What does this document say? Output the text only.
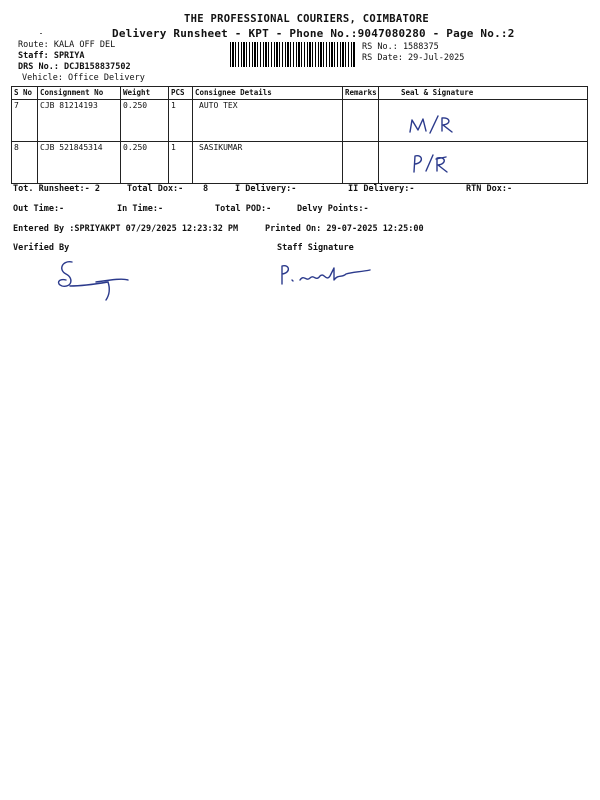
THE PROFESSIONAL COURIERS, COIMBATORE
Delivery Runsheet - KPT - Phone No.:9047080280 - Page No.:2
Route: KALA OFF DEL
Staff: SPRIYA
DRS No.: DCJB158837502
Vehicle: Office Delivery
RS No.: 1588375
RS Date: 29-Jul-2025
S No	Consignment No	Weight	PCS	Consignee Details	Remarks	Seal & Signature
7	CJB 81214193	0.250	1	AUTO TEX		
8	CJB 521845314	0.250	1	SASIKUMAR		
Tot. Runsheet:- 2	Total Dox:- 8	I Delivery:-	II Delivery:-	RTN Dox:-
Out Time:-	In Time:-	Total POD:-	Delvy Points:-
Entered By :SPRIYAKPT 07/29/2025 12:23:32 PM	Printed On: 29-07-2025 12:25:00
Verified By	Staff Signature
